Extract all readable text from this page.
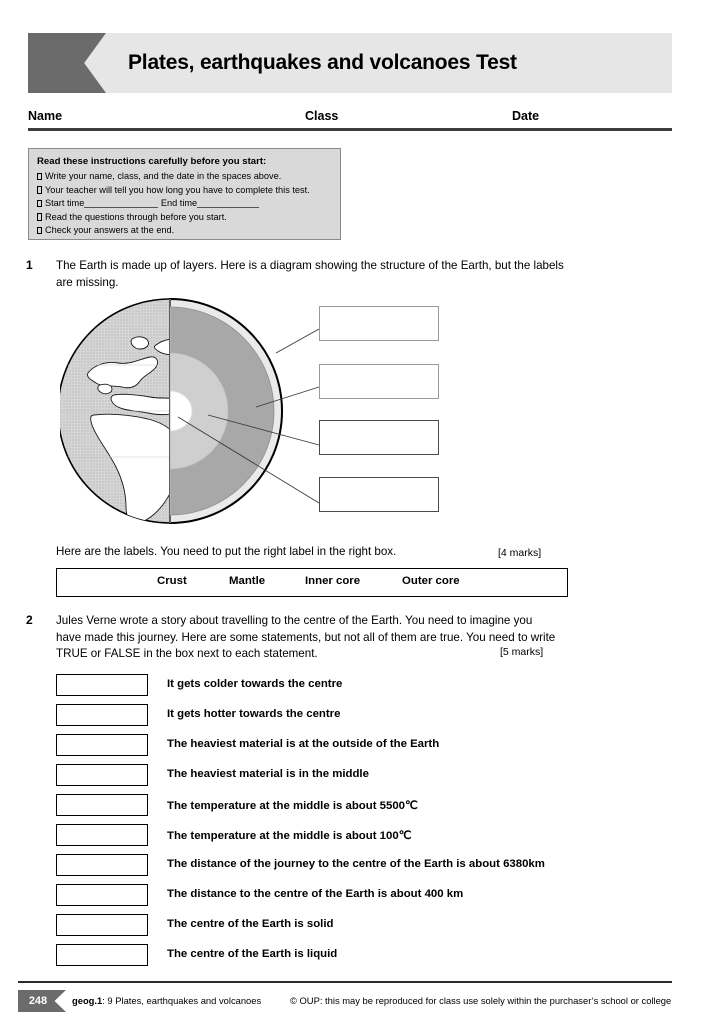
Plates, earthquakes and volcanoes Test
Name	Class	Date
Read these instructions carefully before you start:
Write your name, class, and the date in the spaces above.
Your teacher will tell you how long you have to complete this test.
Start time	End time
Read the questions through before you start.
Check your answers at the end.
1 The Earth is made up of layers. Here is a diagram showing the structure of the Earth, but the labels are missing.
Here are the labels. You need to put the right label in the right box.	[4 marks]
Crust	Mantle	Inner core	Outer core
2 Jules Verne wrote a story about travelling to the centre of the Earth. You need to imagine you have made this journey. Here are some statements, but not all of them are true. You need to write TRUE or FALSE in the box next to each statement.	[5 marks]
It gets colder towards the centre
It gets hotter towards the centre
The heaviest material is at the outside of the Earth
The heaviest material is in the middle
The temperature at the middle is about 5500℃
The temperature at the middle is about 100℃
The distance of the journey to the centre of the Earth is about 6380km
The distance to the centre of the Earth is about 400 km
The centre of the Earth is solid
The centre of the Earth is liquid
248	geog.1: 9 Plates, earthquakes and volcanoes	© OUP: this may be reproduced for class use solely within the purchaser’s school or college
